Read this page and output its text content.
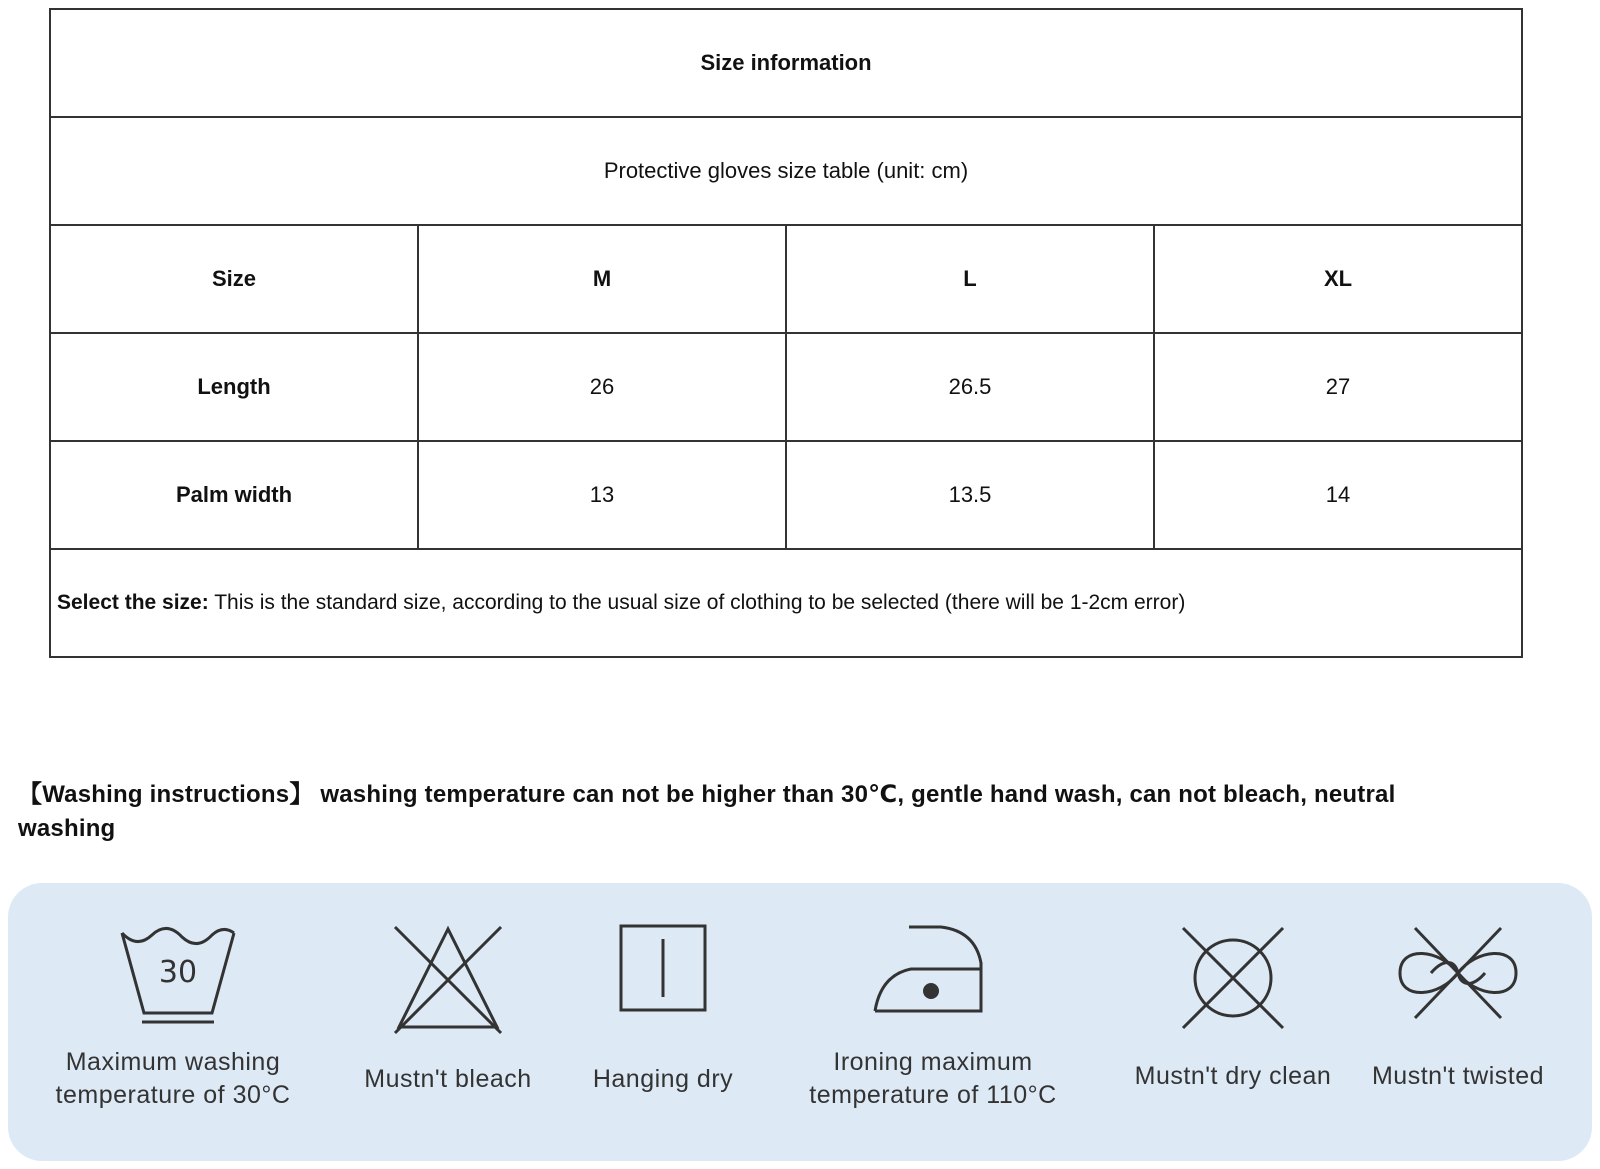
Size information			
Protective gloves size table (unit: cm)			
Size	M	L	XL
Length	26	26.5	27
Palm width	13	13.5	14
Select the size: This is the standard size, according to the usual size of clothing to be selected (there will be 1-2cm error)			
【Washing instructions】 washing temperature can not be higher than 30℃, gentle hand wash, can not bleach, neutral washing
30
Maximum washing
temperature of 30°C
Mustn't bleach	Hanging dry
Ironing maximum
temperature of 110°C
Mustn't dry clean	Mustn't twisted
